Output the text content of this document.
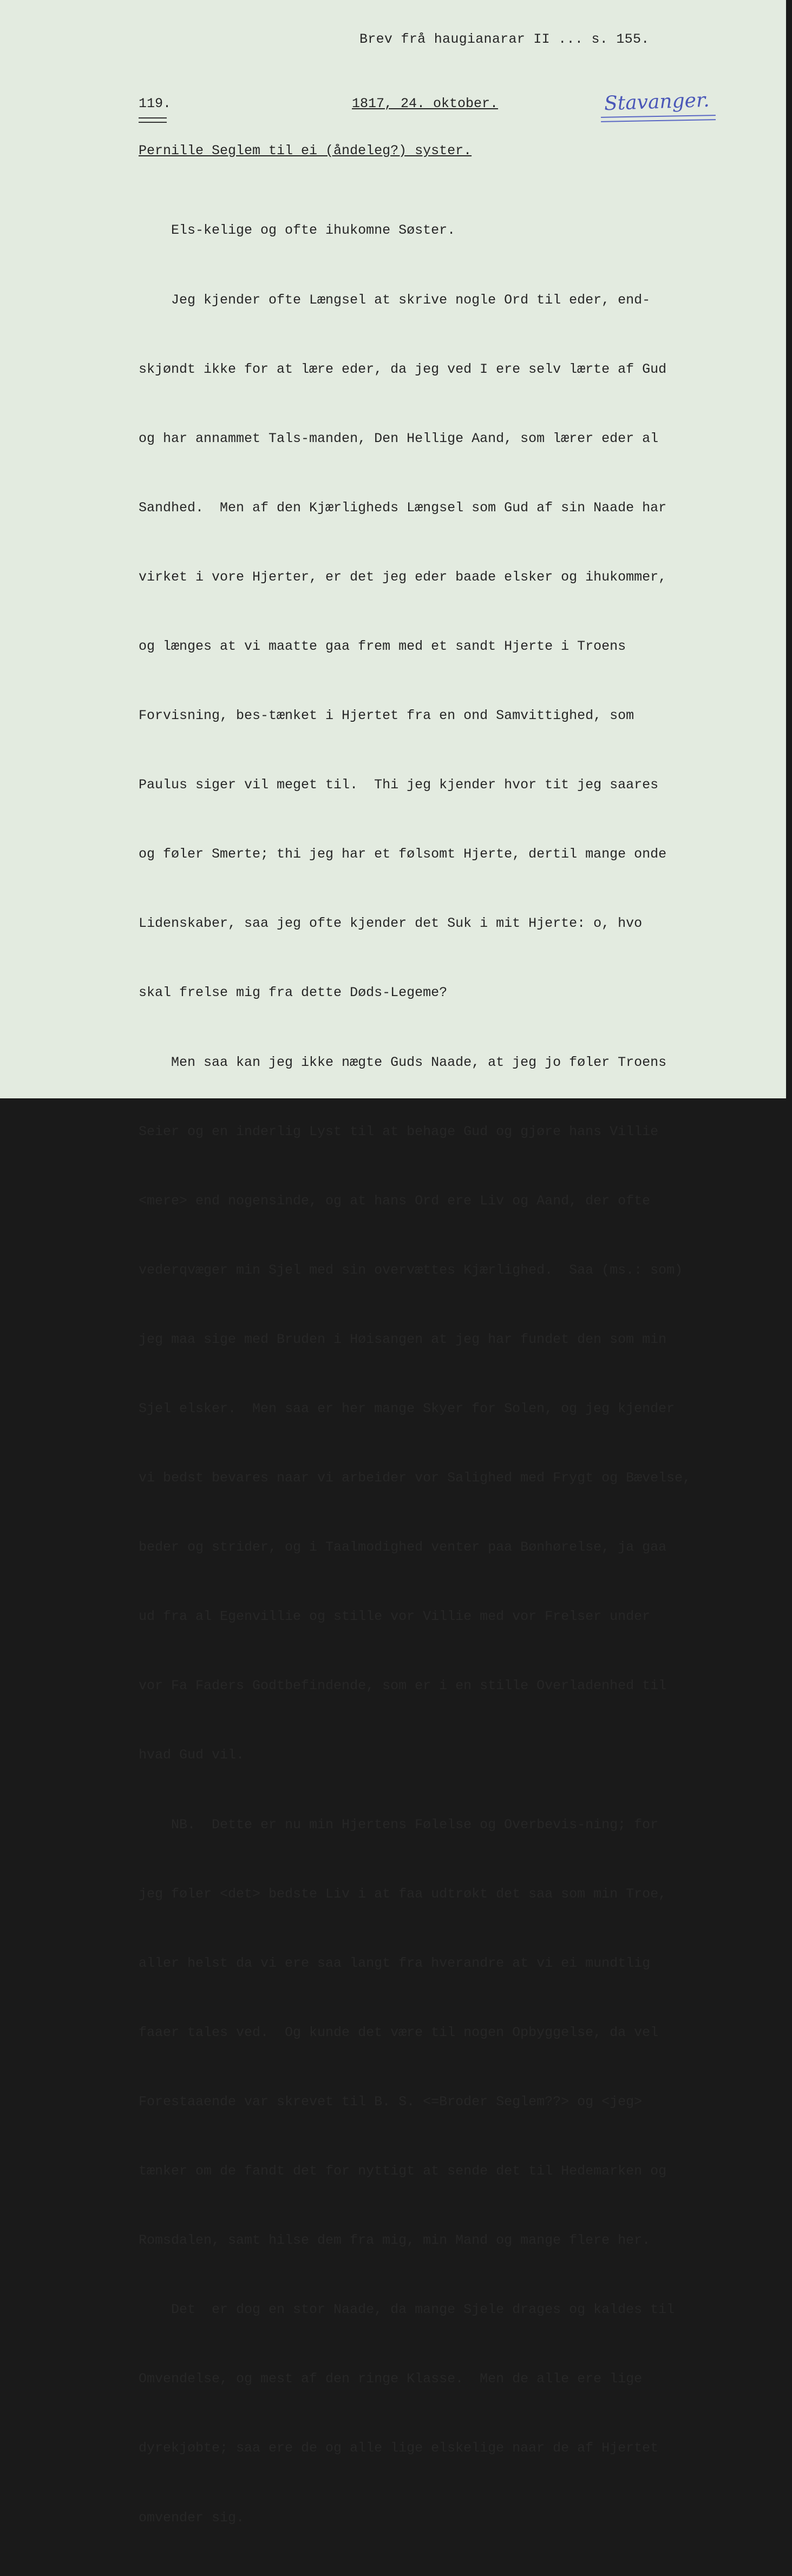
Brev frå haugianarar II ... s. 155.
119.	1817, 24. oktober.	Stavanger.
Pernille Seglem til ei (åndeleg?) syster.

Els-kelige og ofte ihukomne Søster.

Jeg kjender ofte Længsel at skrive nogle Ord til eder, end-

skjøndt ikke for at lære eder, da jeg ved I ere selv lærte af Gud

og har annammet Tals-manden, Den Hellige Aand, som lærer eder al

Sandhed.  Men af den Kjærligheds Længsel som Gud af sin Naade har

virket i vore Hjerter, er det jeg eder baade elsker og ihukommer,

og længes at vi maatte gaa frem med et sandt Hjerte i Troens

Forvisning, bes-tænket i Hjertet fra en ond Samvittighed, som

Paulus siger vil meget til.  Thi jeg kjender hvor tit jeg saares

og føler Smerte; thi jeg har et følsomt Hjerte, dertil mange onde

Lidenskaber, saa jeg ofte kjender det Suk i mit Hjerte: o, hvo

skal frelse mig fra dette Døds-Legeme?

Men saa kan jeg ikke nægte Guds Naade, at jeg jo føler Troens

Seier og en inderlig Lyst til at behage Gud og gjøre hans Villie

<mere> end nogensinde, og at hans Ord ere Liv og Aand, der ofte

vederqvæger min Sjel med sin overvættes Kjærlighed.  Saa (ms.: som)

jeg maa sige med Bruden i Høisangen at jeg har fundet den som min

Sjel elsker.  Men saa er her mange Skyer for Solen, og jeg kjender

vi bedst bevares naar vi arbeider vor Salighed med Frygt og Bævelse,

beder og strider, og i Taalmodighed venter paa Bønhørelse, ja gaa

ud fra al Egenvillie og stille vor Villie med vor Frelser under

vor Fa Faders Godtbefindende, som er i en stille Overladenhed til

hvad Gud vil.

NB.  Dette er nu min Hjertens Følelse og Overbevis-ning; for

jeg føler <det> bedste Liv i at faa udtrøkt det saa som min Troe,

aller helst da vi ere saa langt fra hverandre at vi ei mundtlig

faaer tales ved.  Og kunde det være til nogen Opbyggelse, da vel

Forestaaende var skrevet til B. S. <=Broder Seglem??> og <jeg>

tænker om de fandt det for nyttigt at sende det til Hedemarken og

Romsdalen, samt hilse dem fra mig, min Mand og mange flere her.

Det  er dog en stor Naade, da mange Sjele drages og kaldes til

Omvendelse, og mest af den ringe Klasse.  Men de alle ere lige

dyrekjøbte; saa ere de og alle lige elskelige naar de af Hjertet

omvender sig.
